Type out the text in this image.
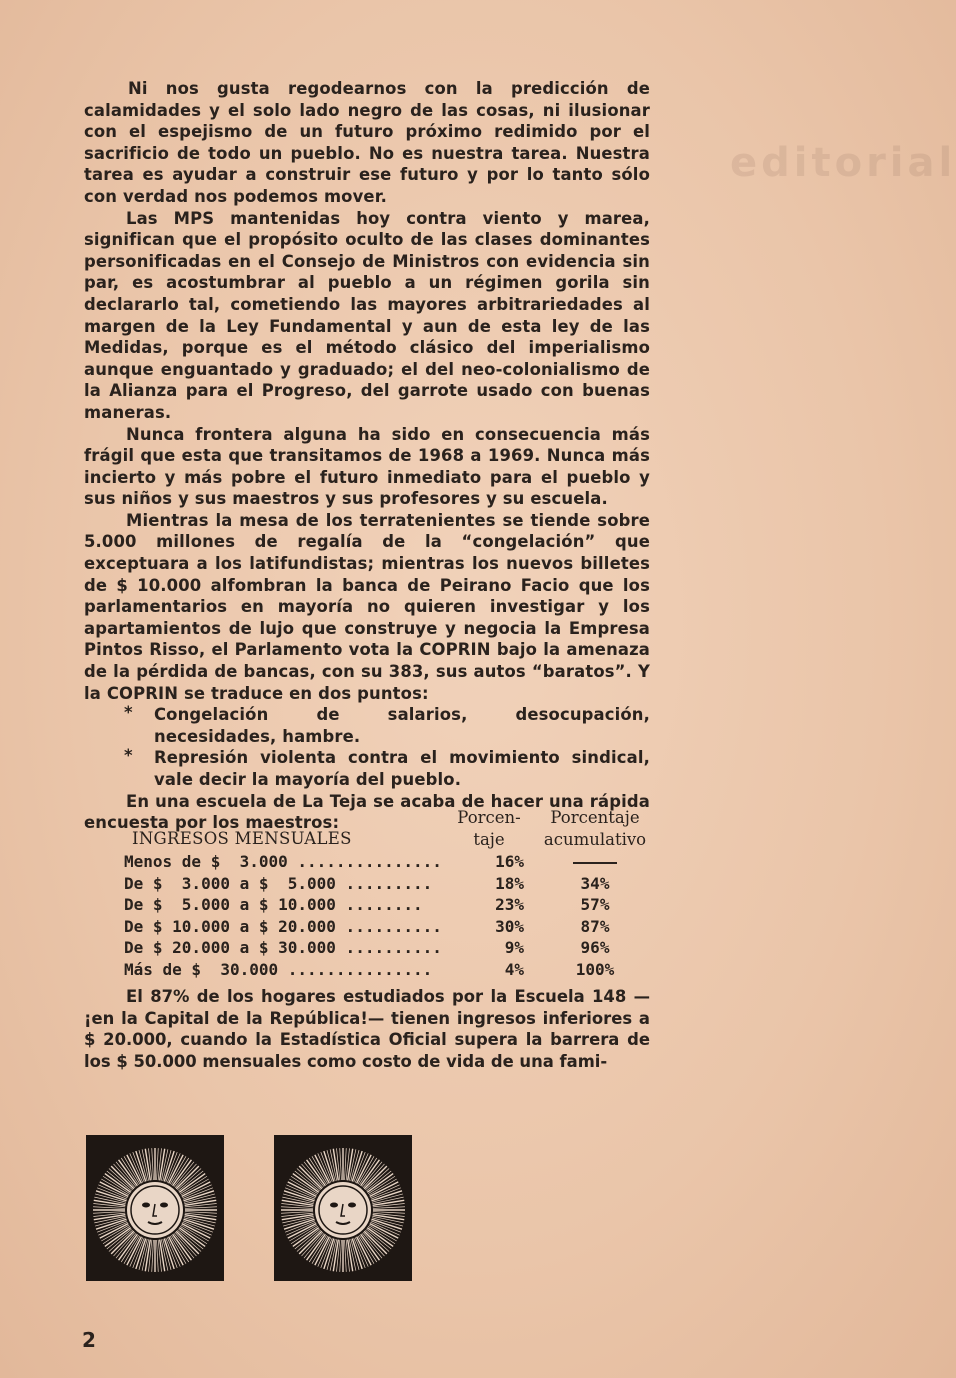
editorial

Ni nos gusta regodearnos con la predicción de calamidades y el solo lado negro de las cosas, ni ilusionar con el espejismo de un futuro próximo redimido por el sacrificio de todo un pueblo. No es nuestra tarea. Nuestra tarea es ayudar a construir ese futuro y por lo tanto sólo con verdad nos podemos mover.

Las MPS mantenidas hoy contra viento y marea, significan que el propósito oculto de las clases dominantes personificadas en el Consejo de Ministros con evidencia sin par, es acostumbrar al pueblo a un régimen gorila sin declararlo tal, cometiendo las mayores arbitrariedades al margen de la Ley Fundamental y aun de esta ley de las Medidas, porque es el método clásico del imperialismo aunque enguantado y graduado; el del neo-colonialismo de la Alianza para el Progreso, del garrote usado con buenas maneras.

Nunca frontera alguna ha sido en consecuencia más frágil que esta que transitamos de 1968 a 1969. Nunca más incierto y más pobre el futuro inmediato para el pueblo y sus niños y sus maestros y sus profesores y su escuela.

Mientras la mesa de los terratenientes se tiende sobre 5.000 millones de regalía de la “congelación” que exceptuara a los latifundistas; mientras los nuevos billetes de $ 10.000 alfombran la banca de Peirano Facio que los parlamentarios en mayoría no quieren investigar y los apartamientos de lujo que construye y negocia la Empresa Pintos Risso, el Parlamento vota la COPRIN bajo la amenaza de la pérdida de bancas, con su 383, sus autos “baratos”. Y la COPRIN se traduce en dos puntos:

* Congelación de salarios, desocupación, necesidades, hambre.
* Represión violenta contra el movimiento sindical, vale decir la mayoría del pueblo.

En una escuela de La Teja se acaba de hacer una rápida encuesta por los maestros:

INGRESOS MENSUALES
Porcen-
taje
Porcentaje
acumulativo
Menos de $  3.000 ...............	16%
De $  3.000 a $  5.000 .........	18%	34%
De $  5.000 a $ 10.000 ........	23%	57%
De $ 10.000 a $ 20.000 ..........	30%	87%
De $ 20.000 a $ 30.000 ..........	9%	96%
Más de $  30.000 ...............	4%	100%

El 87% de los hogares estudiados por la Escuela 148 —¡en la Capital de la República!— tienen ingresos inferiores a $ 20.000, cuando la Estadística Oficial supera la barrera de los $ 50.000 mensuales como costo de vida de una fami-

2
